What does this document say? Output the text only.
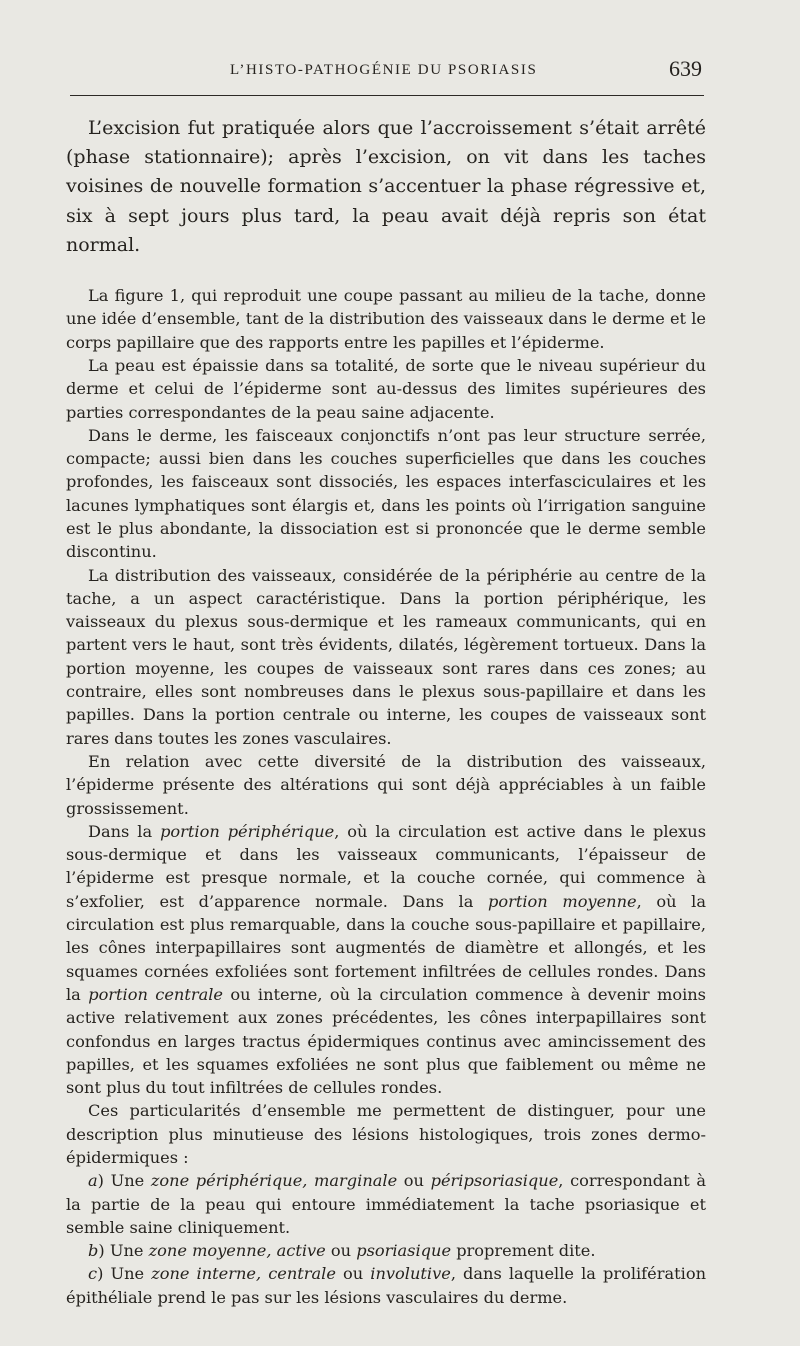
L’HISTO-PATHOGÉNIE DU PSORIASIS	639

L’excision fut pratiquée alors que l’accroissement s’était arrêté (phase stationnaire); après l’excision, on vit dans les taches voisines de nouvelle formation s’accentuer la phase régressive et, six à sept jours plus tard, la peau avait déjà repris son état normal.

La figure 1, qui reproduit une coupe passant au milieu de la tache, donne une idée d’ensemble, tant de la distribution des vaisseaux dans le derme et le corps papillaire que des rapports entre les papilles et l’épiderme.

La peau est épaissie dans sa totalité, de sorte que le niveau supérieur du derme et celui de l’épiderme sont au-dessus des limites supérieures des parties correspondantes de la peau saine adjacente.

Dans le derme, les faisceaux conjonctifs n’ont pas leur structure serrée, compacte; aussi bien dans les couches superficielles que dans les couches profondes, les faisceaux sont dissociés, les espaces interfasciculaires et les lacunes lymphatiques sont élargis et, dans les points où l’irrigation sanguine est le plus abondante, la dissociation est si prononcée que le derme semble discontinu.

La distribution des vaisseaux, considérée de la périphérie au centre de la tache, a un aspect caractéristique. Dans la portion périphérique, les vaisseaux du plexus sous-dermique et les rameaux communicants, qui en partent vers le haut, sont très évidents, dilatés, légèrement tortueux. Dans la portion moyenne, les coupes de vaisseaux sont rares dans ces zones; au contraire, elles sont nombreuses dans le plexus sous-papillaire et dans les papilles. Dans la portion centrale ou interne, les coupes de vaisseaux sont rares dans toutes les zones vasculaires.

En relation avec cette diversité de la distribution des vaisseaux, l’épiderme présente des altérations qui sont déjà appréciables à un faible grossissement.

Dans la portion périphérique, où la circulation est active dans le plexus sous-dermique et dans les vaisseaux communicants, l’épaisseur de l’épiderme est presque normale, et la couche cornée, qui commence à s’exfolier, est d’apparence normale. Dans la portion moyenne, où la circulation est plus remarquable, dans la couche sous-papillaire et papillaire, les cônes interpapillaires sont augmentés de diamètre et allongés, et les squames cornées exfoliées sont fortement infiltrées de cellules rondes. Dans la portion centrale ou interne, où la circulation commence à devenir moins active relativement aux zones précédentes, les cônes interpapillaires sont confondus en larges tractus épidermiques continus avec amincissement des papilles, et les squames exfoliées ne sont plus que faiblement ou même ne sont plus du tout infiltrées de cellules rondes.

Ces particularités d’ensemble me permettent de distinguer, pour une description plus minutieuse des lésions histologiques, trois zones dermo-épidermiques :

a) Une zone périphérique, marginale ou péripsoriasique, correspondant à la partie de la peau qui entoure immédiatement la tache psoriasique et semble saine cliniquement.

b) Une zone moyenne, active ou psoriasique proprement dite.

c) Une zone interne, centrale ou involutive, dans laquelle la prolifération épithéliale prend le pas sur les lésions vasculaires du derme.
